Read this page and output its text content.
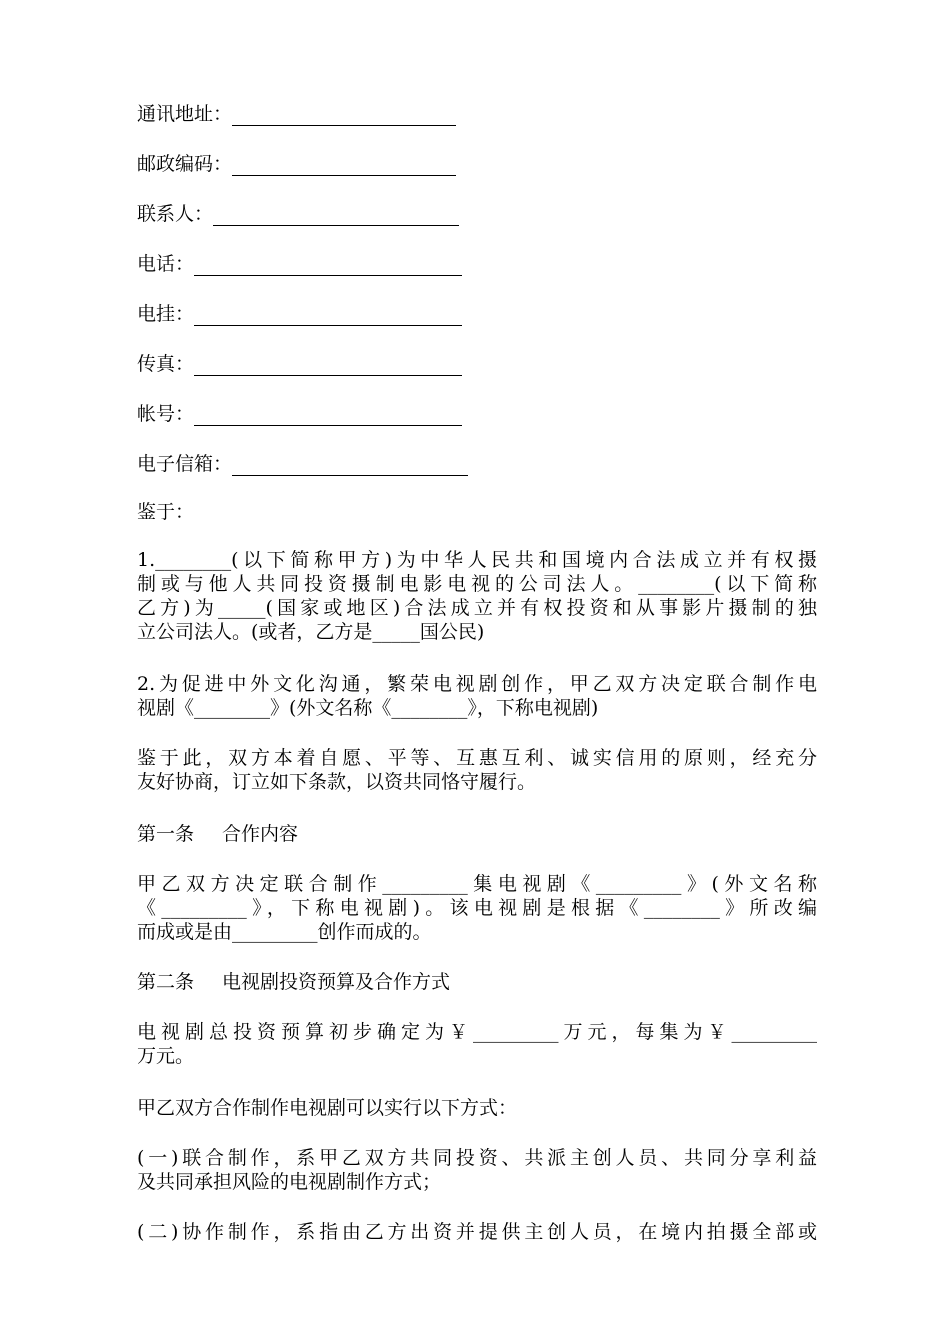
通讯地址：
邮政编码：
联系人：
电话：
电挂：
传真：
帐号：
电子信箱：
鉴于：
1.________(以下简称甲方)为中华人民共和国境内合法成立并有权摄
制或与他人共同投资摄制电影电视的公司法人。________(以下简称
乙方)为_____(国家或地区)合法成立并有权投资和从事影片摄制的独
立公司法人。(或者，乙方是_____国公民)
2.为促进中外文化沟通，繁荣电视剧创作，甲乙双方决定联合制作电
视剧《________》(外文名称《________》，下称电视剧)
鉴于此，双方本着自愿、平等、互惠互利、诚实信用的原则，经充分
友好协商，订立如下条款，以资共同恪守履行。
第一条 合作内容
甲乙双方决定联合制作_________集电视剧《_________》(外文名称
《_________》，下称电视剧)。该电视剧是根据《________》所改编
而成或是由_________创作而成的。
第二条 电视剧投资预算及合作方式
电视剧总投资预算初步确定为￥_________万元，每集为￥_________
万元。
甲乙双方合作制作电视剧可以实行以下方式：
(一)联合制作，系甲乙双方共同投资、共派主创人员、共同分享利益
及共同承担风险的电视剧制作方式；
(二)协作制作，系指由乙方出资并提供主创人员，在境内拍摄全部或
